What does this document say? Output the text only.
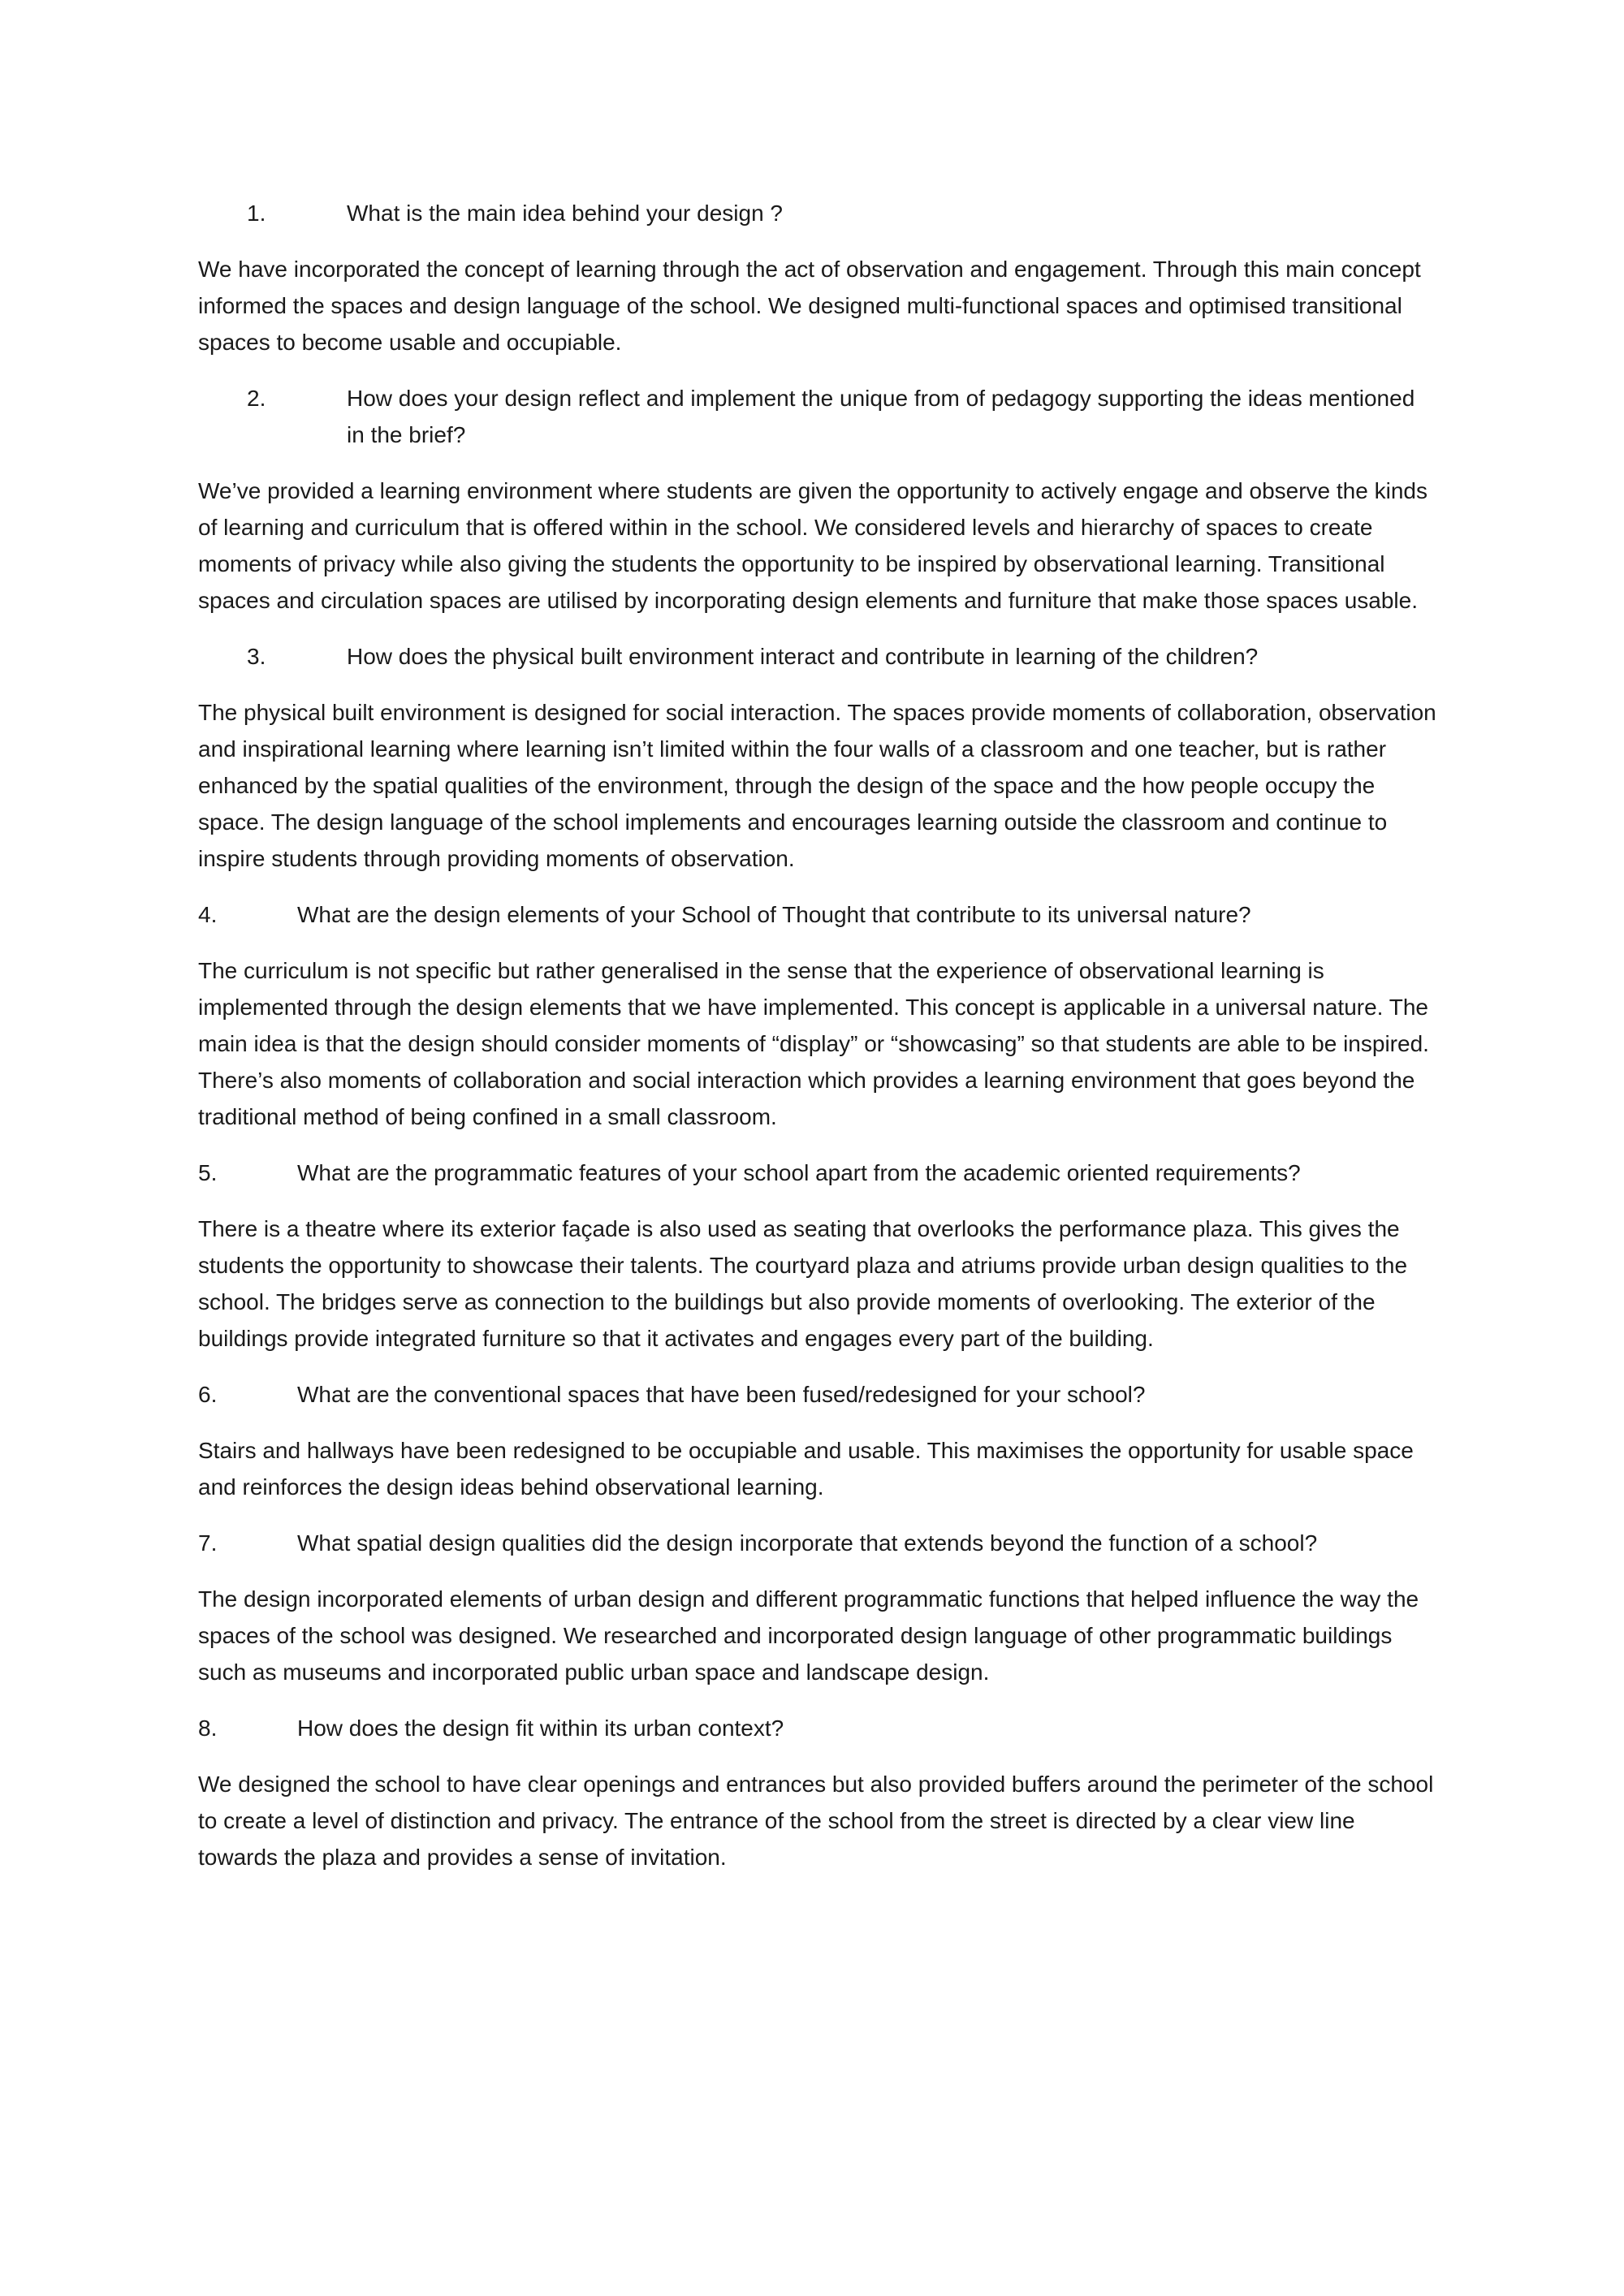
1.	What is the main idea behind your design ?

We have incorporated the concept of learning through the act of observation and engagement. Through this main concept informed the spaces and design language of the school. We designed multi-functional spaces and optimised transitional spaces to become usable and occupiable.

2.	How does your design reflect and implement the unique from of pedagogy supporting the ideas mentioned in the brief?

We’ve provided a learning environment where students are given the opportunity to actively engage and observe the kinds of learning and curriculum that is offered within in the school. We considered levels and hierarchy of spaces to create moments of privacy while also giving the students the opportunity to be inspired by observational learning. Transitional spaces and circulation spaces are utilised by incorporating design elements and furniture that make those spaces usable.

3.	How does the physical built environment interact and contribute in learning of the children?

The physical built environment is designed for social interaction. The spaces provide moments of collaboration, observation and inspirational learning where learning isn’t limited within the four walls of a classroom and one teacher, but is rather enhanced by the spatial qualities of the environment, through the design of the space and the how people occupy the space. The design language of the school implements and encourages learning outside the classroom and continue to inspire students through providing moments of observation.

4.	What are the design elements of your School of Thought that contribute to its universal nature?

The curriculum is not specific but rather generalised in the sense that the experience of observational learning is implemented through the design elements that we have implemented. This concept is applicable in a universal nature. The main idea is that the design should consider moments of “display” or “showcasing” so that students are able to be inspired. There’s also moments of collaboration and social interaction which provides a learning environment that goes beyond the traditional method of being confined in a small classroom.

5.	What are the programmatic features of your school apart from the academic oriented requirements?

There is a theatre where its exterior façade is also used as seating that overlooks the performance plaza. This gives the students the opportunity to showcase their talents. The courtyard plaza and atriums provide urban design qualities to the school. The bridges serve as connection to the buildings but also provide moments of overlooking. The exterior of the buildings provide integrated furniture so that it activates and engages every part of the building.

6.	What are the conventional spaces that have been fused/redesigned for your school?

Stairs and hallways have been redesigned to be occupiable and usable. This maximises the opportunity for usable space and reinforces the design ideas behind observational learning.

7.	What spatial design qualities did the design incorporate that extends beyond the function of a school?

The design incorporated elements of urban design and different programmatic functions that helped influence the way the spaces of the school was designed. We researched and incorporated design language of other programmatic buildings such as museums and incorporated public urban space and landscape design.

8.	How does the design fit within its urban context?

We designed the school to have clear openings and entrances but also provided buffers around the perimeter of the school to create a level of distinction and privacy. The entrance of the school from the street is directed by a clear view line towards the plaza and provides a sense of invitation.
